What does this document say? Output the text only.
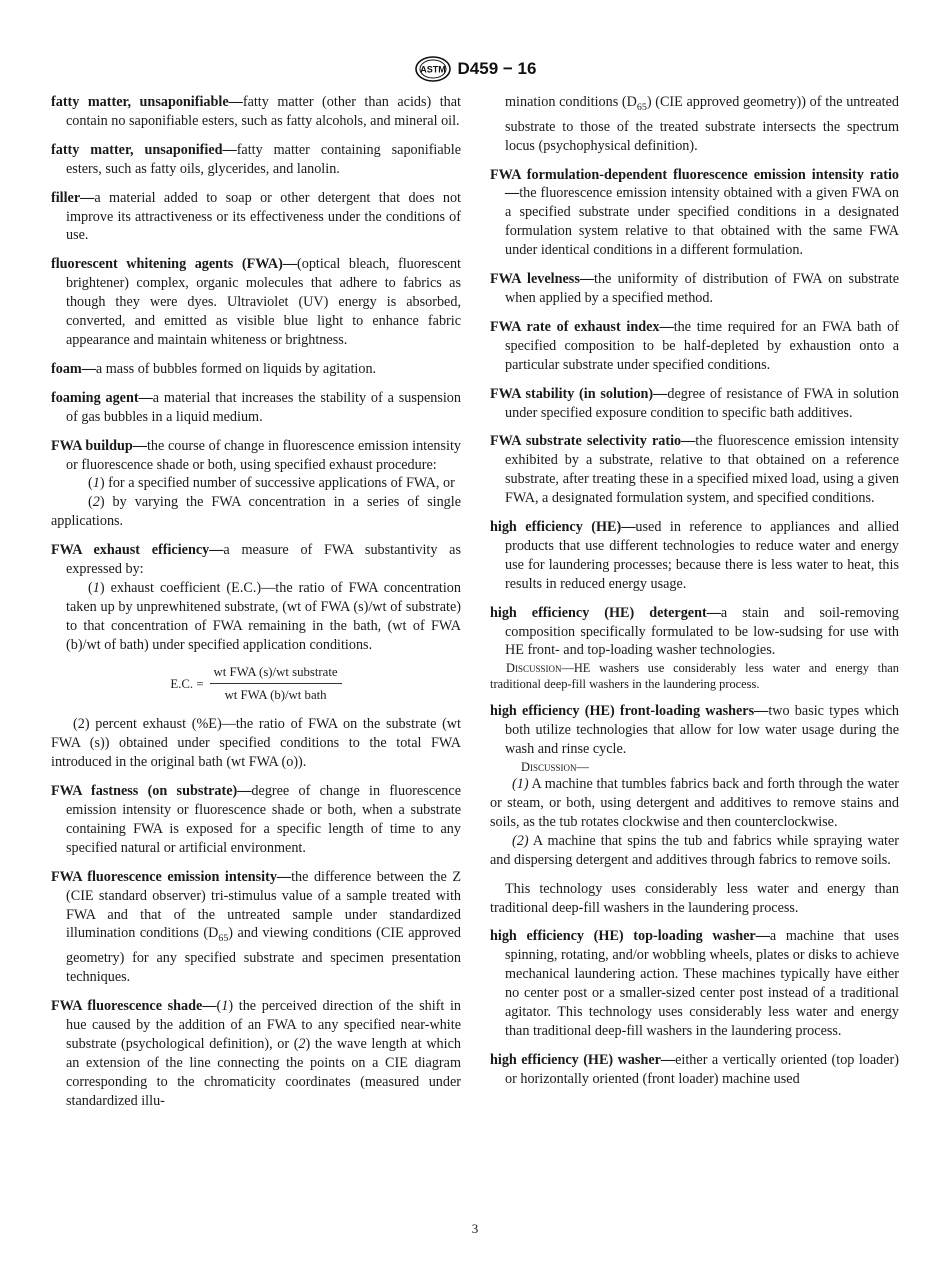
ASTM D459 − 16

fatty matter, unsaponifiable—fatty matter (other than acids) that contain no saponifiable esters, such as fatty alcohols, and mineral oil.

fatty matter, unsaponified—fatty matter containing saponifiable esters, such as fatty oils, glycerides, and lanolin.

filler—a material added to soap or other detergent that does not improve its attractiveness or its effectiveness under the conditions of use.

fluorescent whitening agents (FWA)—(optical bleach, fluorescent brightener) complex, organic molecules that adhere to fabrics as though they were dyes. Ultraviolet (UV) energy is absorbed, converted, and emitted as visible blue light to enhance fabric appearance and maintain whiteness or brightness.

foam—a mass of bubbles formed on liquids by agitation.

foaming agent—a material that increases the stability of a suspension of gas bubbles in a liquid medium.

FWA buildup—the course of change in fluorescence emission intensity or fluorescence shade or both, using specified exhaust procedure:
(1) for a specified number of successive applications of FWA, or
(2) by varying the FWA concentration in a series of single applications.
FWA exhaust efficiency—a measure of FWA substantivity as expressed by:
(1) exhaust coefficient (E.C.)—the ratio of FWA concentration taken up by unprewhitened substrate, (wt of FWA (s)/wt of substrate) to that concentration of FWA remaining in the bath, (wt of FWA (b)/wt of bath) under specified application conditions.
E.C. = $\frac{\text{wt FWA (s)/wt substrate}}{\text{wt FWA (b)/wt bath}}$
(2) percent exhaust (%E)—the ratio of FWA on the substrate (wt FWA (s)) obtained under specified conditions to the total FWA introduced in the original bath (wt FWA (o)).

FWA fastness (on substrate)—degree of change in fluorescence emission intensity or fluorescence shade or both, when a substrate containing FWA is exposed for a specific length of time to any specified natural or artificial environment.

FWA fluorescence emission intensity—the difference between the Z (CIE standard observer) tri-stimulus value of a sample treated with FWA and that of the untreated sample under standardized illumination conditions $(D_{65})$ and viewing conditions (CIE approved geometry) for any specified substrate and specimen presentation techniques.

FWA fluorescence shade—(1) the perceived direction of the shift in hue caused by the addition of an FWA to any specified near-white substrate (psychological definition), or (2) the wave length at which an extension of the line connecting the points on a CIE diagram corresponding to the chromaticity coordinates (measured under standardized illu-

mination conditions $(D_{65})$ (CIE approved geometry)) of the untreated substrate to those of the treated substrate intersects the spectrum locus (psychophysical definition).

FWA formulation-dependent fluorescence emission intensity ratio—the fluorescence emission intensity obtained with a given FWA on a specified substrate under specified conditions in a designated formulation system relative to that obtained with the same FWA under identical conditions in a different formulation.

FWA levelness—the uniformity of distribution of FWA on substrate when applied by a specified method.

FWA rate of exhaust index—the time required for an FWA bath of specified composition to be half-depleted by exhaustion onto a particular substrate under specified conditions.

FWA stability (in solution)—degree of resistance of FWA in solution under specified exposure condition to specific bath additives.

FWA substrate selectivity ratio—the fluorescence emission intensity exhibited by a substrate, relative to that obtained on a reference substrate, after treating these in a specified mixed load, using a given FWA, a designated formulation system, and specified conditions.

high efficiency (HE)—used in reference to appliances and allied products that use different technologies to reduce water and energy use for laundering processes; because there is less water to heat, this results in reduced energy usage.

high efficiency (HE) detergent—a stain and soil-removing composition specifically formulated to be low-sudsing for use with HE front- and top-loading washer technologies.
Discussion—HE washers use considerably less water and energy than traditional deep-fill washers in the laundering process.
high efficiency (HE) front-loading washers—two basic types which both utilize technologies that allow for low water usage during the wash and rinse cycle.
Discussion—
(1) A machine that tumbles fabrics back and forth through the water or steam, or both, using detergent and additives to remove stains and soils, as the tub rotates clockwise and then counterclockwise.
(2) A machine that spins the tub and fabrics while spraying water and dispersing detergent and additives through fabrics to remove soils.
This technology uses considerably less water and energy than traditional deep-fill washers in the laundering process.

high efficiency (HE) top-loading washer—a machine that uses spinning, rotating, and/or wobbling wheels, plates or disks to achieve mechanical laundering action. These machines typically have either no center post or a smaller-sized center post instead of a traditional agitator. This technology uses considerably less water and energy than traditional deep-fill washers in the laundering process.

high efficiency (HE) washer—either a vertically oriented (top loader) or horizontally oriented (front loader) machine used

3
